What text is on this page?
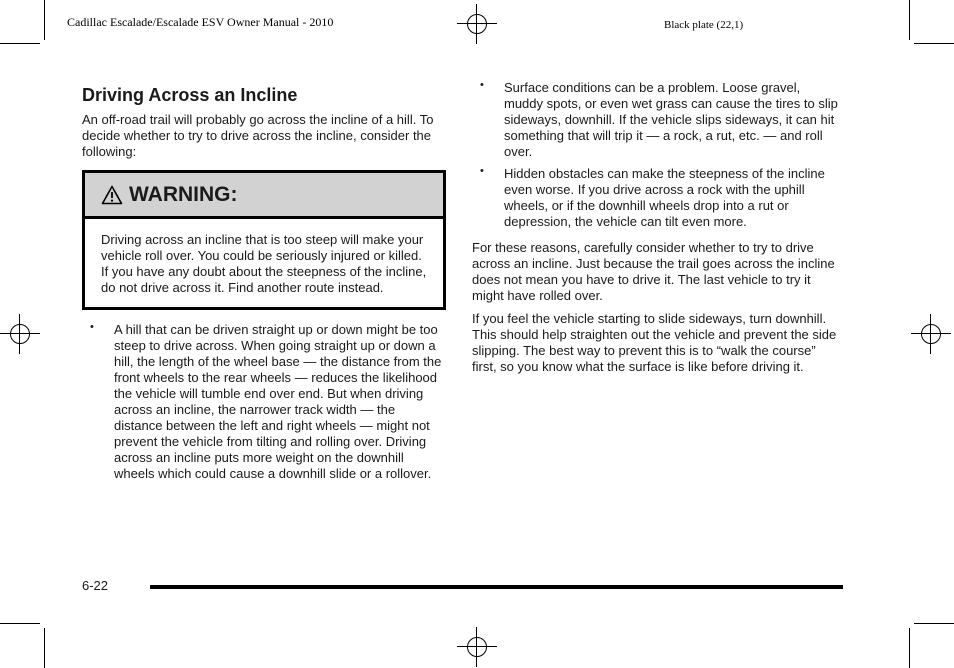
Cadillac Escalade/Escalade ESV Owner Manual - 2010	Black plate (22,1)
Driving Across an Incline

An off-road trail will probably go across the incline of a hill. To decide whether to try to drive across the incline, consider the following:

WARNING:
Driving across an incline that is too steep will make your vehicle roll over. You could be seriously injured or killed. If you have any doubt about the steepness of the incline, do not drive across it. Find another route instead.
• A hill that can be driven straight up or down might be too steep to drive across. When going straight up or down a hill, the length of the wheel base — the distance from the front wheels to the rear wheels — reduces the likelihood the vehicle will tumble end over end. But when driving across an incline, the narrower track width — the distance between the left and right wheels — might not prevent the vehicle from tilting and rolling over. Driving across an incline puts more weight on the downhill wheels which could cause a downhill slide or a rollover.
• Surface conditions can be a problem. Loose gravel, muddy spots, or even wet grass can cause the tires to slip sideways, downhill. If the vehicle slips sideways, it can hit something that will trip it — a rock, a rut, etc. — and roll over.
• Hidden obstacles can make the steepness of the incline even worse. If you drive across a rock with the uphill wheels, or if the downhill wheels drop into a rut or depression, the vehicle can tilt even more.

For these reasons, carefully consider whether to try to drive across an incline. Just because the trail goes across the incline does not mean you have to drive it. The last vehicle to try it might have rolled over.

If you feel the vehicle starting to slide sideways, turn downhill. This should help straighten out the vehicle and prevent the side slipping. The best way to prevent this is to “walk the course” first, so you know what the surface is like before driving it.

6-22
